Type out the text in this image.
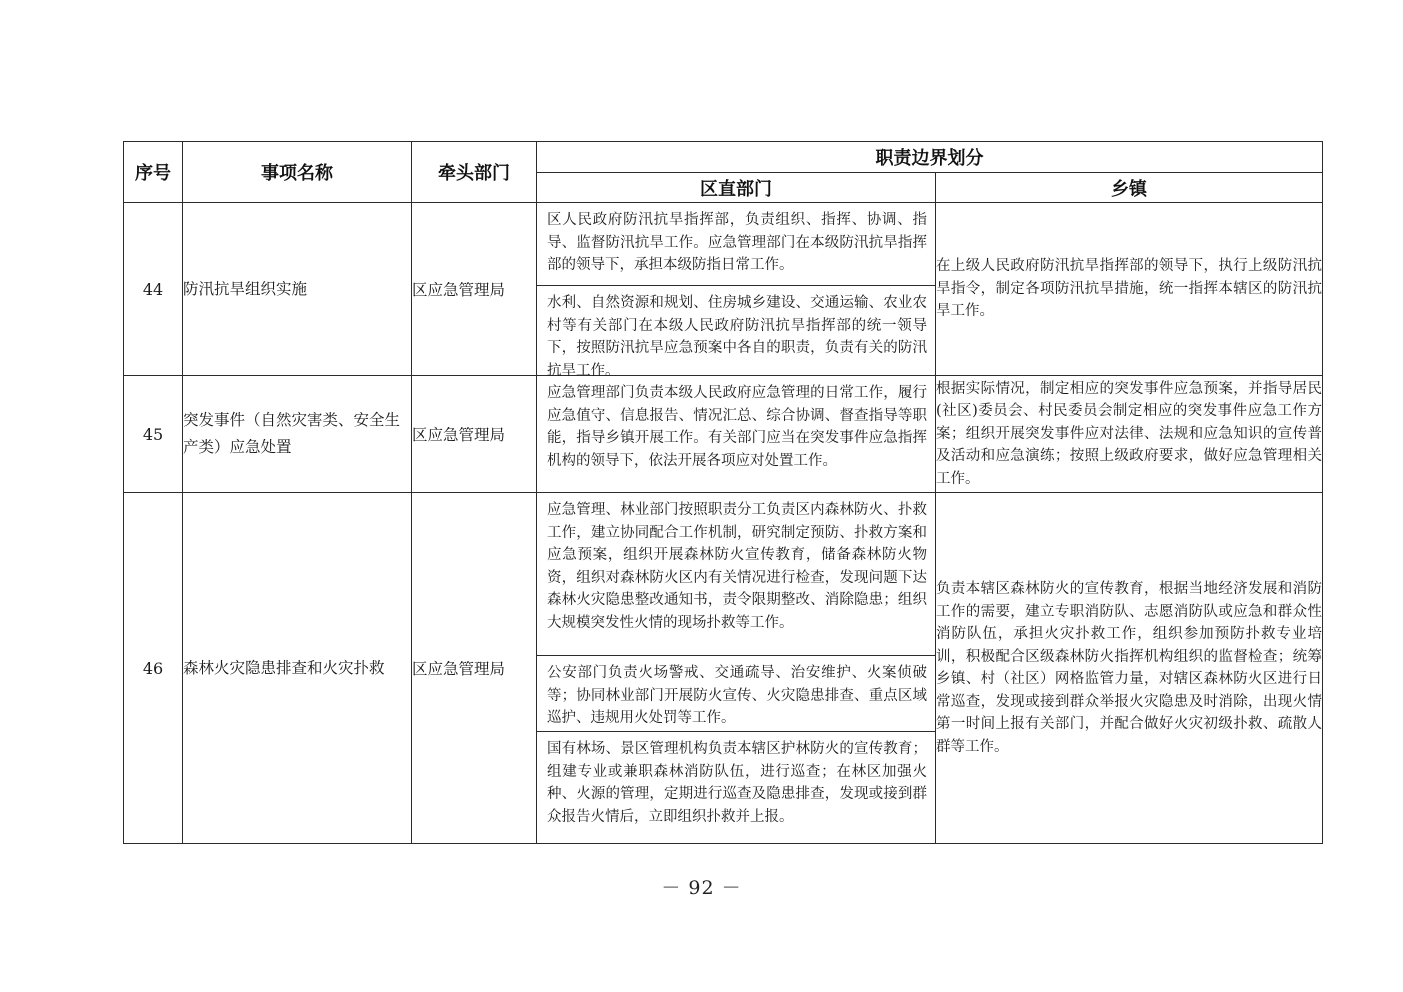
序号	事项名称	牵头部门	职责边界划分	
			区直部门	乡镇
44	防汛抗旱组织实施	区应急管理局	区人民政府防汛抗旱指挥部，负责组织、指挥、协调、指导、监督防汛抗旱工作。应急管理部门在本级防汛抗旱指挥部的领导下，承担本级防指日常工作。
水利、自然资源和规划、住房城乡建设、交通运输、农业农村等有关部门在本级人民政府防汛抗旱指挥部的统一领导下，按照防汛抗旱应急预案中各自的职责，负责有关的防汛抗旱工作。	在上级人民政府防汛抗旱指挥部的领导下，执行上级防汛抗旱指令，制定各项防汛抗旱措施，统一指挥本辖区的防汛抗旱工作。
45	突发事件（自然灾害类、安全生产类）应急处置	区应急管理局	应急管理部门负责本级人民政府应急管理的日常工作，履行应急值守、信息报告、情况汇总、综合协调、督查指导等职能，指导乡镇开展工作。有关部门应当在突发事件应急指挥机构的领导下，依法开展各项应对处置工作。	根据实际情况，制定相应的突发事件应急预案，并指导居民(社区)委员会、村民委员会制定相应的突发事件应急工作方案；组织开展突发事件应对法律、法规和应急知识的宣传普及活动和应急演练；按照上级政府要求，做好应急管理相关工作。
46	森林火灾隐患排查和火灾扑救	区应急管理局	应急管理、林业部门按照职责分工负责区内森林防火、扑救工作，建立协同配合工作机制，研究制定预防、扑救方案和应急预案，组织开展森林防火宣传教育，储备森林防火物资，组织对森林防火区内有关情况进行检查，发现问题下达森林火灾隐患整改通知书，责令限期整改、消除隐患；组织大规模突发性火情的现场扑救等工作。
公安部门负责火场警戒、交通疏导、治安维护、火案侦破等；协同林业部门开展防火宣传、火灾隐患排查、重点区域巡护、违规用火处罚等工作。
国有林场、景区管理机构负责本辖区护林防火的宣传教育；组建专业或兼职森林消防队伍，进行巡查；在林区加强火种、火源的管理，定期进行巡查及隐患排查，发现或接到群众报告火情后，立即组织扑救并上报。	负责本辖区森林防火的宣传教育，根据当地经济发展和消防工作的需要，建立专职消防队、志愿消防队或应急和群众性消防队伍，承担火灾扑救工作，组织参加预防扑救专业培训，积极配合区级森林防火指挥机构组织的监督检查；统筹乡镇、村（社区）网格监管力量，对辖区森林防火区进行日常巡查，发现或接到群众举报火灾隐患及时消除，出现火情第一时间上报有关部门，并配合做好火灾初级扑救、疏散人群等工作。
－ 92 －
